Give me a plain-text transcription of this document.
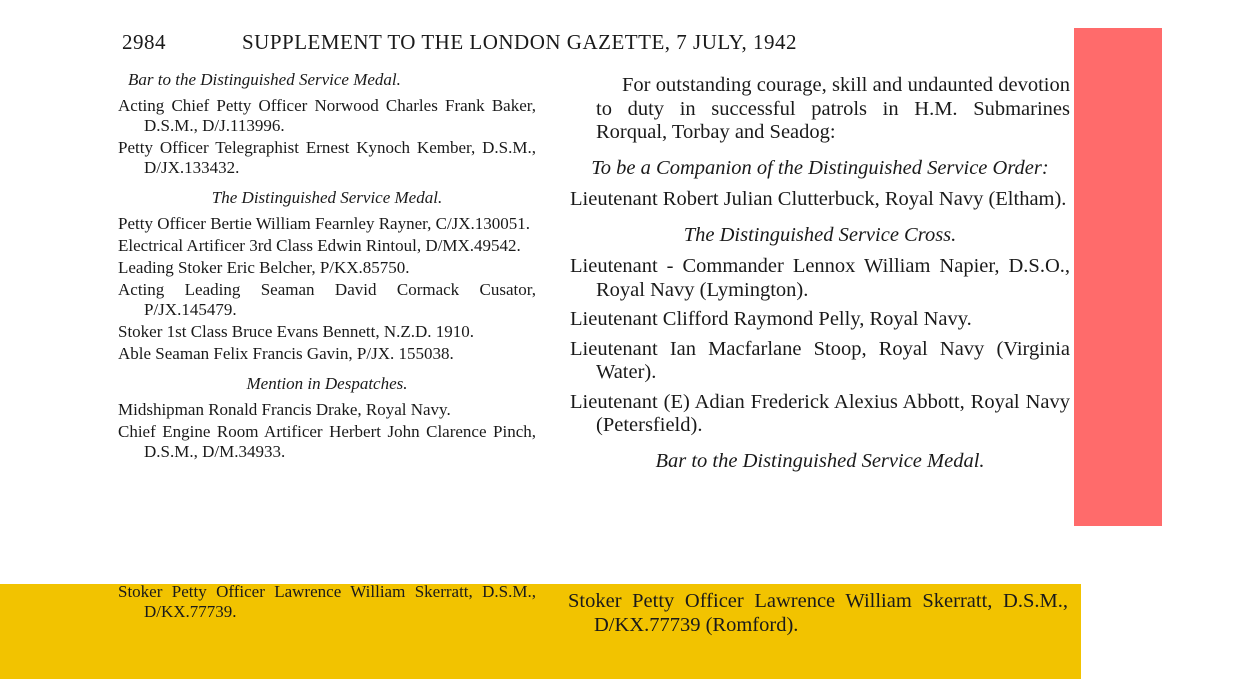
2984	SUPPLEMENT TO THE LONDON GAZETTE, 7 JULY, 1942

Bar to the Distinguished Service Medal.

Acting Chief Petty Officer Norwood Charles Frank Baker, D.S.M., D/J.113996.

Petty Officer Telegraphist Ernest Kynoch Kember, D.S.M., D/JX.133432.

The Distinguished Service Medal.

Petty Officer Bertie William Fearnley Rayner, C/JX.130051.

Electrical Artificer 3rd Class Edwin Rintoul, D/MX.49542.

Leading Stoker Eric Belcher, P/KX.85750.

Acting Leading Seaman David Cormack Cusator, P/JX.145479.

Stoker 1st Class Bruce Evans Bennett, N.Z.D. 1910.

Able Seaman Felix Francis Gavin, P/JX. 155038.

Mention in Despatches.

Midshipman Ronald Francis Drake, Royal Navy.

Chief Engine Room Artificer Herbert John Clarence Pinch, D.S.M., D/M.34933.

Stoker Petty Officer Lawrence William Skerratt, D.S.M., D/KX.77739.

For outstanding courage, skill and undaunted devotion to duty in successful patrols in H.M. Submarines Rorqual, Torbay and Seadog:

To be a Companion of the Distinguished Service Order:

Lieutenant Robert Julian Clutterbuck, Royal Navy (Eltham).

The Distinguished Service Cross.

Lieutenant - Commander Lennox William Napier, D.S.O., Royal Navy (Lymington).

Lieutenant Clifford Raymond Pelly, Royal Navy.

Lieutenant Ian Macfarlane Stoop, Royal Navy (Virginia Water).

Lieutenant (E) Adian Frederick Alexius Abbott, Royal Navy (Petersfield).

Bar to the Distinguished Service Medal.

Stoker Petty Officer Lawrence William Skerratt, D.S.M., D/KX.77739 (Romford).
